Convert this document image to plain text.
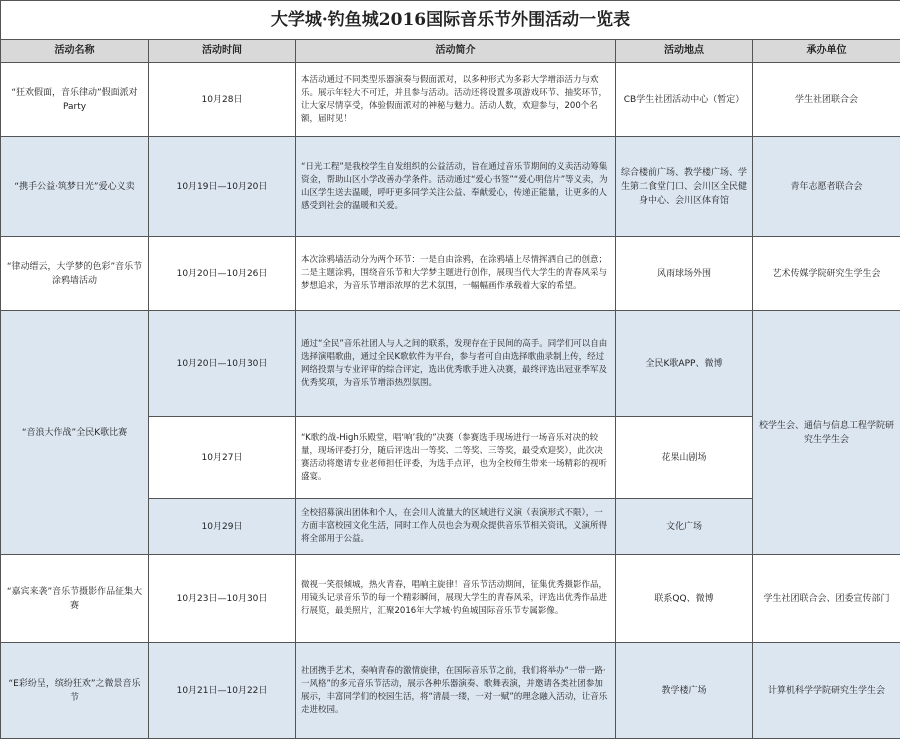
大学城·钓鱼城2016国际音乐节外围活动一览表				
活动名称	活动时间	活动简介	活动地点	承办单位
“狂欢假面，音乐律动”假面派对Party	10月28日	本活动通过不同类型乐器演奏与假面派对，以多种形式为多彩大学增添活力与欢乐。展示年轻大不可迁，并且参与活动。活动还将设置多项游戏环节、抽奖环节，让大家尽情享受，体验假面派对的神秘与魅力。活动人数，欢迎参与，200个名额，届时见！	CB学生社团活动中心（暂定）	学生社团联合会
“携手公益·筑梦日光”爱心义卖	10月19日—10月20日	“日光工程”是我校学生自发组织的公益活动，旨在通过音乐节期间的义卖活动筹集资金，帮助山区小学改善办学条件。活动通过“爱心书签”“爱心明信片”等义卖，为山区学生送去温暖，呼吁更多同学关注公益、奉献爱心，传递正能量，让更多的人感受到社会的温暖和关爱。	综合楼前广场、教学楼广场、学生第二食堂门口、会川区全民健身中心、会川区体育馆	青年志愿者联合会
“律动缙云，大学梦的色彩”音乐节涂鸦墙活动	10月20日—10月26日	本次涂鸦墙活动分为两个环节：一是自由涂鸦，在涂鸦墙上尽情挥洒自己的创意；二是主题涂鸦，围绕音乐节和大学梦主题进行创作，展现当代大学生的青春风采与梦想追求，为音乐节增添浓厚的艺术氛围，一幅幅画作承载着大家的希望。	风雨球场外围	艺术传媒学院研究生学生会
“音浪大作战”全民K歌比赛	10月20日—10月30日	通过“全民”音乐社团人与人之间的联系，发现存在于民间的高手。同学们可以自由选择演唱歌曲，通过全民K歌软件为平台，参与者可自由选择歌曲录制上传，经过网络投票与专业评审的综合评定，选出优秀歌手进入决赛，最终评选出冠亚季军及优秀奖项，为音乐节增添热烈氛围。	全民K歌APP、微博	校学生会、通信与信息工程学院研究生学生会
	10月27日	“K歌约战-High乐殿堂，唱‘响’我的”决赛（参赛选手现场进行一场音乐对决的较量，现场评委打分，随后评选出一等奖、二等奖、三等奖，最受欢迎奖），此次决赛活动将邀请专业老师担任评委，为选手点评，也为全校师生带来一场精彩的视听盛宴。	花果山剧场	
	10月29日	全校招募演出团体和个人，在会川人流量大的区域进行义演（表演形式不限），一方面丰富校园文化生活，同时工作人员也会为观众提供音乐节相关资讯，义演所得将全部用于公益。	文化广场	
“嘉宾来袭”音乐节摄影作品征集大赛	10月23日—10月30日	微视一笑很倾城，热火青春，唱响主旋律！音乐节活动期间，征集优秀摄影作品，用镜头记录音乐节的每一个精彩瞬间，展现大学生的青春风采，评选出优秀作品进行展览，最美照片，汇聚2016年大学城·钓鱼城国际音乐节专属影像。	联系QQ、微博	学生社团联合会、团委宣传部门
“E彩纷呈，缤纷狂欢”之微景音乐节	10月21日—10月22日	社团携手艺术，奏响青春的激情旋律，在国际音乐节之前，我们将举办“一带一路·一风格”的多元音乐节活动，展示各种乐器演奏、歌舞表演，并邀请各类社团参加展示，丰富同学们的校园生活，将“清晨一缕，一对一赋”的理念融入活动，让音乐走进校园。	教学楼广场	计算机科学学院研究生学生会
